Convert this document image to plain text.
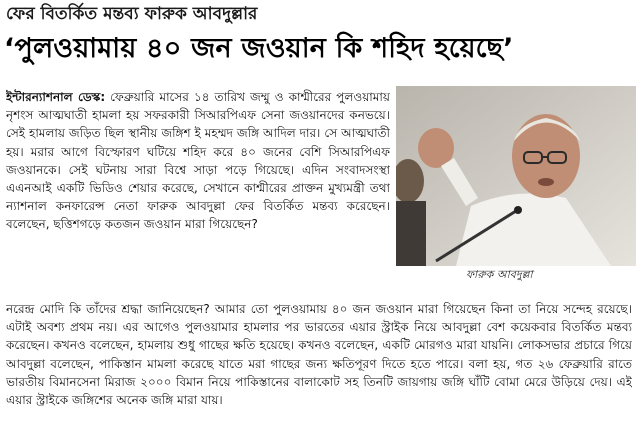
ফের বিতর্কিত মন্তব্য ফারুক আবদুল্লার
‘পুলওয়ামায় ৪০ জন জওয়ান কি শহিদ হয়েছে’
ইন্টারন্যাশনাল ডেস্ক: ফেব্রুয়ারি মাসের ১৪ তারিখ জম্মু ও কাশ্মীরের পুলওয়ামায় নৃশংস আত্মঘাতী হামলা হয় সফরকারী সিআরপিএফ সেনা জওয়ানদের কনভয়ে। সেই হামলায় জড়িত ছিল স্থানীয় জঙ্গিশ ই মহম্মদ জঙ্গি আদিল দার। সে আত্মঘাতী হয়। মরার আগে বিস্ফোরণ ঘটিয়ে শহিদ করে ৪০ জনের বেশি সিআরপিএফ জওয়ানকে। সেই ঘটনায় সারা বিশ্বে সাড়া পড়ে গিয়েছে। এদিন সংবাদসংস্থা এএনআই একটি ভিডিও শেয়ার করেছে, সেখানে কাশ্মীরের প্রাক্তন মুখ্যমন্ত্রী তথা ন্যাশনাল কনফারেন্স নেতা ফারুক আবদুল্লা ফের বিতর্কিত মন্তব্য করেছেন। বলেছেন, ছত্তিশগড়ে কতজন জওয়ান মারা গিয়েছেন?
ফারুক আবদুল্লা
নরেন্দ্র মোদি কি তাঁদের শ্রদ্ধা জানিয়েছেন? আমার তো পুলওয়ামায় ৪০ জন জওয়ান মারা গিয়েছেন কিনা তা নিয়ে সন্দেহ রয়েছে। এটাই অবশ্য প্রথম নয়। এর আগেও পুলওয়ামার হামলার পর ভারতের এয়ার স্ট্রাইক নিয়ে আবদুল্লা বেশ কয়েকবার বিতর্কিত মন্তব্য করেছেন। কখনও বলেছেন, হামলায় শুধু গাছের ক্ষতি হয়েছে। কখনও বলেছেন, একটি মোরগও মারা যায়নি। লোকসভার প্রচারে গিয়ে আবদুল্লা বলেছেন, পাকিস্তান মামলা করেছে যাতে মরা গাছের জন্য ক্ষতিপূরণ দিতে হতে পারে। বলা হয়, গত ২৬ ফেব্রুয়ারি রাতে ভারতীয় বিমানসেনা মিরাজ ২০০০ বিমান নিয়ে পাকিস্তানের বালাকোট সহ তিনটি জায়গায় জঙ্গি ঘাঁটি বোমা মেরে উড়িয়ে দেয়। এই এয়ার স্ট্রাইকে জঙ্গিশের অনেক জঙ্গি মারা যায়।
